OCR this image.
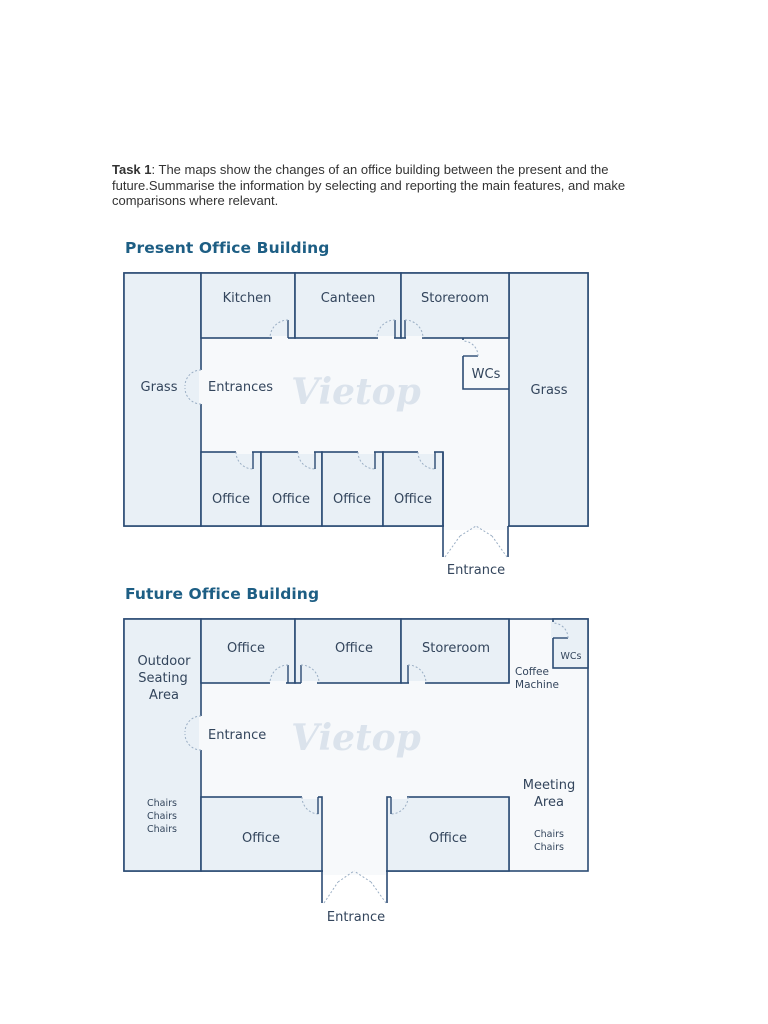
Task 1: The maps show the changes of an office building between the present and the future.Summarise the information by selecting and reporting the main features, and make comparisons where relevant.
Present Office Building
Future Office Building
Vietop
Kitchen	Canteen	Storeroom
WCs
Grass	Grass
Entrances
Office Office Office Office
Entrance
Vietop
Office	Office	Storeroom
WCs
Coffee
Machine
Outdoor
Seating
Area
Entrance
Meeting
Area
Chairs
Chairs
Chairs	Chairs
Chairs
Office	Office
Entrance
